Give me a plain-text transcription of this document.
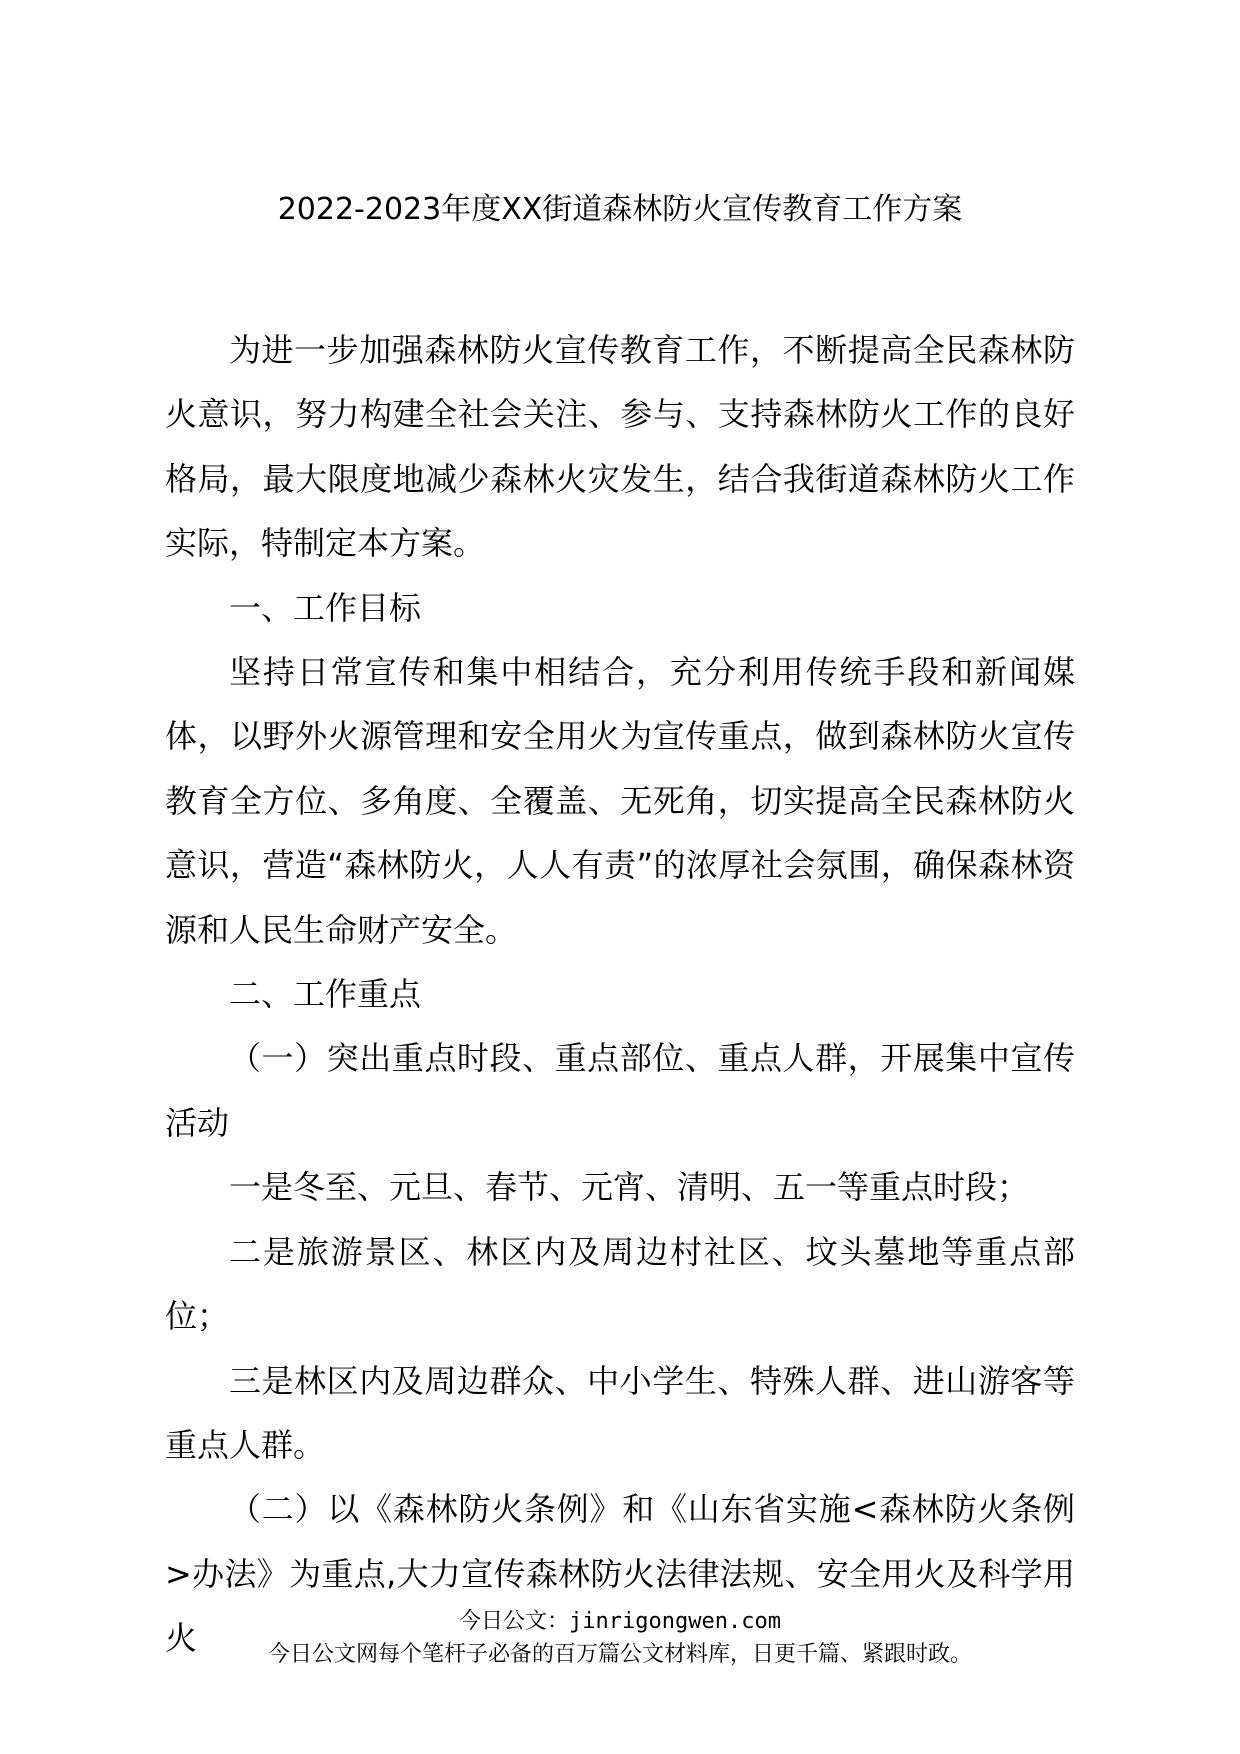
2022-2023年度XX街道森林防火宣传教育工作方案

为进一步加强森林防火宣传教育工作，不断提高全民森林防火意识，努力构建全社会关注、参与、支持森林防火工作的良好格局，最大限度地减少森林火灾发生，结合我街道森林防火工作实际，特制定本方案。

一、工作目标

坚持日常宣传和集中相结合，充分利用传统手段和新闻媒体，以野外火源管理和安全用火为宣传重点，做到森林防火宣传教育全方位、多角度、全覆盖、无死角，切实提高全民森林防火意识，营造“森林防火，人人有责”的浓厚社会氛围，确保森林资源和人民生命财产安全。

二、工作重点

（一）突出重点时段、重点部位、重点人群，开展集中宣传活动

一是冬至、元旦、春节、元宵、清明、五一等重点时段；

二是旅游景区、林区内及周边村社区、坟头墓地等重点部位；

三是林区内及周边群众、中小学生、特殊人群、进山游客等重点人群。

（二）以《森林防火条例》和《山东省实施<森林防火条例>办法》为重点,大力宣传森林防火法律法规、安全用火及科学用火	今日公文：jinrigongwen.com
今日公文网每个笔杆子必备的百万篇公文材料库，日更千篇、紧跟时政。
